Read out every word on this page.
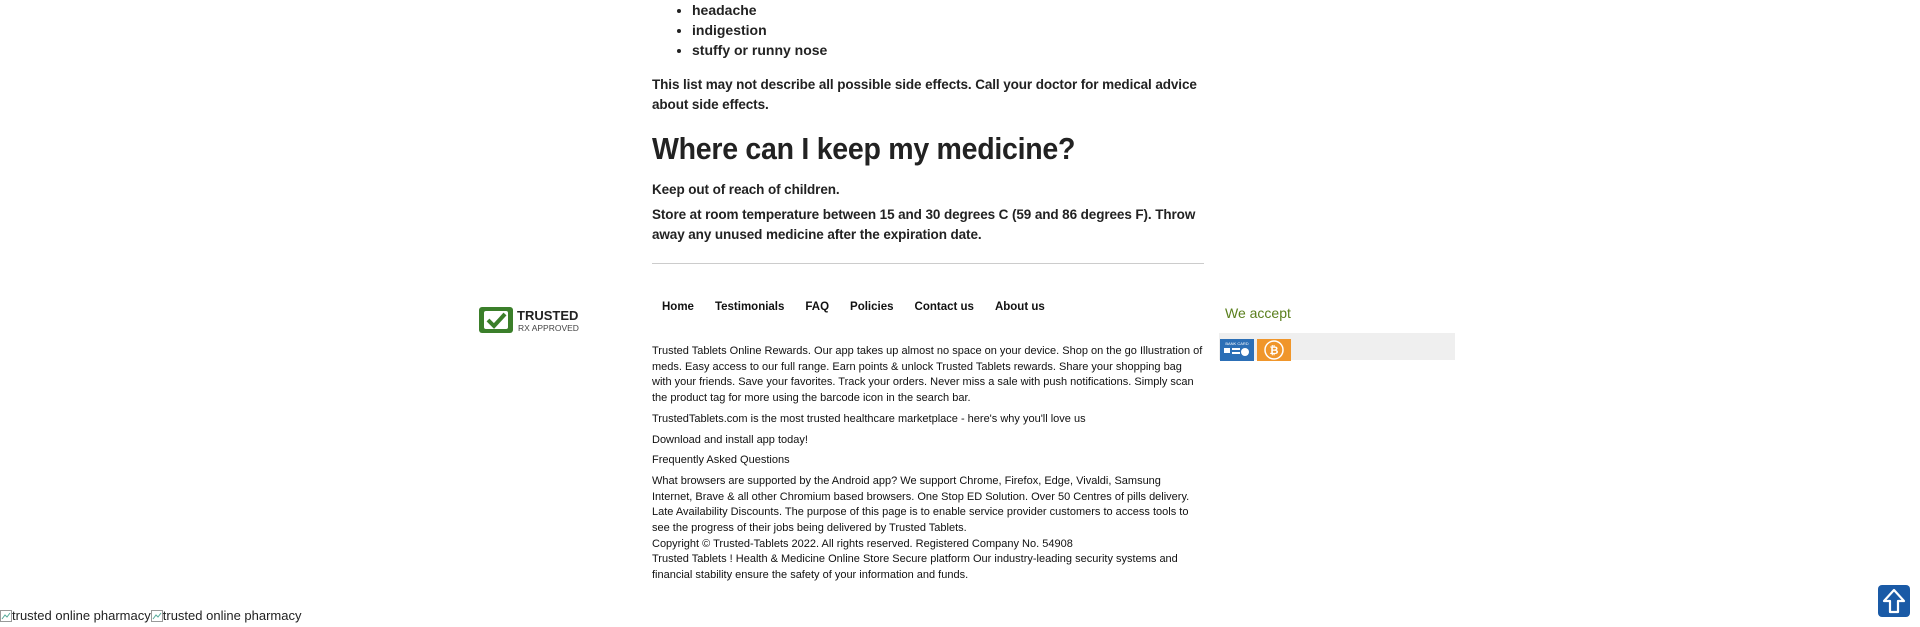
• headache
• indigestion
• stuffy or runny nose

This list may not describe all possible side effects. Call your doctor for medical advice about side effects.

Where can I keep my medicine?

Keep out of reach of children.

Store at room temperature between 15 and 30 degrees C (59 and 86 degrees F). Throw away any unused medicine after the expiration date.

TRUSTED
RX APPROVED
Home Testimonials FAQ Policies Contact us About us

Trusted Tablets Online Rewards. Our app takes up almost no space on your device. Shop on the go Illustration of meds. Easy access to our full range. Earn points & unlock Trusted Tablets rewards. Share your shopping bag with your friends. Save your favorites. Track your orders. Never miss a sale with push notifications. Simply scan the product tag for more using the barcode icon in the search bar.

TrustedTablets.com is the most trusted healthcare marketplace - here's why you'll love us

Download and install app today!

Frequently Asked Questions

What browsers are supported by the Android app? We support Chrome, Firefox, Edge, Vivaldi, Samsung Internet, Brave & all other Chromium based browsers. One Stop ED Solution. Over 50 Centres of pills delivery. Late Availability Discounts. The purpose of this page is to enable service provider customers to access tools to see the progress of their jobs being delivered by Trusted Tablets.

Copyright © Trusted-Tablets 2022. All rights reserved. Registered Company No. 54908

Trusted Tablets ! Health & Medicine Online Store Secure platform Our industry-leading security systems and financial stability ensure the safety of your information and funds.

We accept
BANK CARD
₿
trusted online pharmacy trusted online pharmacy
